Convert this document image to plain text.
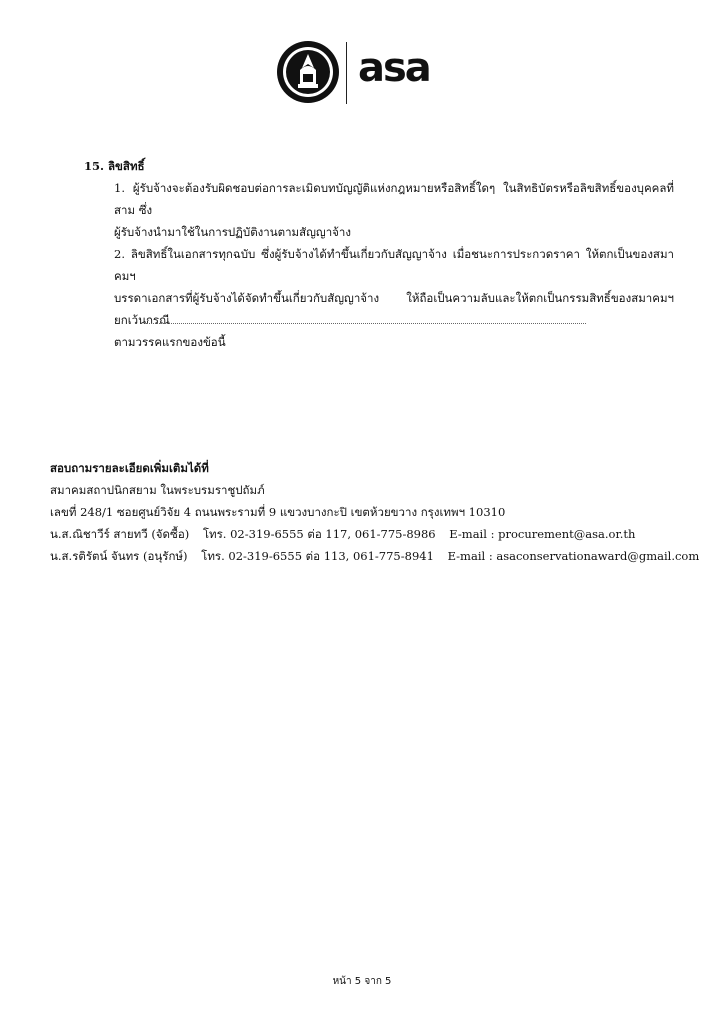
asa
15. ลิขสิทธิ์
1. ผู้รับจ้างจะต้องรับผิดชอบต่อการละเมิดบทบัญญัติแห่งกฎหมายหรือสิทธิ์ใดๆ ในสิทธิบัตรหรือลิขสิทธิ์ของบุคคลที่สาม ซึ่ง
ผู้รับจ้างนำมาใช้ในการปฏิบัติงานตามสัญญาจ้าง
2. ลิขสิทธิ์ในเอกสารทุกฉบับ ซึ่งผู้รับจ้างได้ทำขึ้นเกี่ยวกับสัญญาจ้าง เมื่อชนะการประกวดราคา ให้ตกเป็นของสมาคมฯ
บรรดาเอกสารที่ผู้รับจ้างได้จัดทำขึ้นเกี่ยวกับสัญญาจ้าง ให้ถือเป็นความลับและให้ตกเป็นกรรมสิทธิ์ของสมาคมฯ ยกเว้นกรณี
ตามวรรคแรกของข้อนี้
สอบถามรายละเอียดเพิ่มเติมได้ที่
สมาคมสถาปนิกสยาม ในพระบรมราชูปถัมภ์
เลขที่ 248/1 ซอยศูนย์วิจัย 4 ถนนพระรามที่ 9 แขวงบางกะปิ เขตห้วยขวาง กรุงเทพฯ 10310
น.ส.ณิชาวีร์ สายทวี (จัดซื้อ) โทร. 02-319-6555 ต่อ 117, 061-775-8986 E-mail : procurement@asa.or.th
น.ส.รติรัตน์ จันทร (อนุรักษ์) โทร. 02-319-6555 ต่อ 113, 061-775-8941 E-mail : asaconservationaward@gmail.com
หน้า 5 จาก 5
